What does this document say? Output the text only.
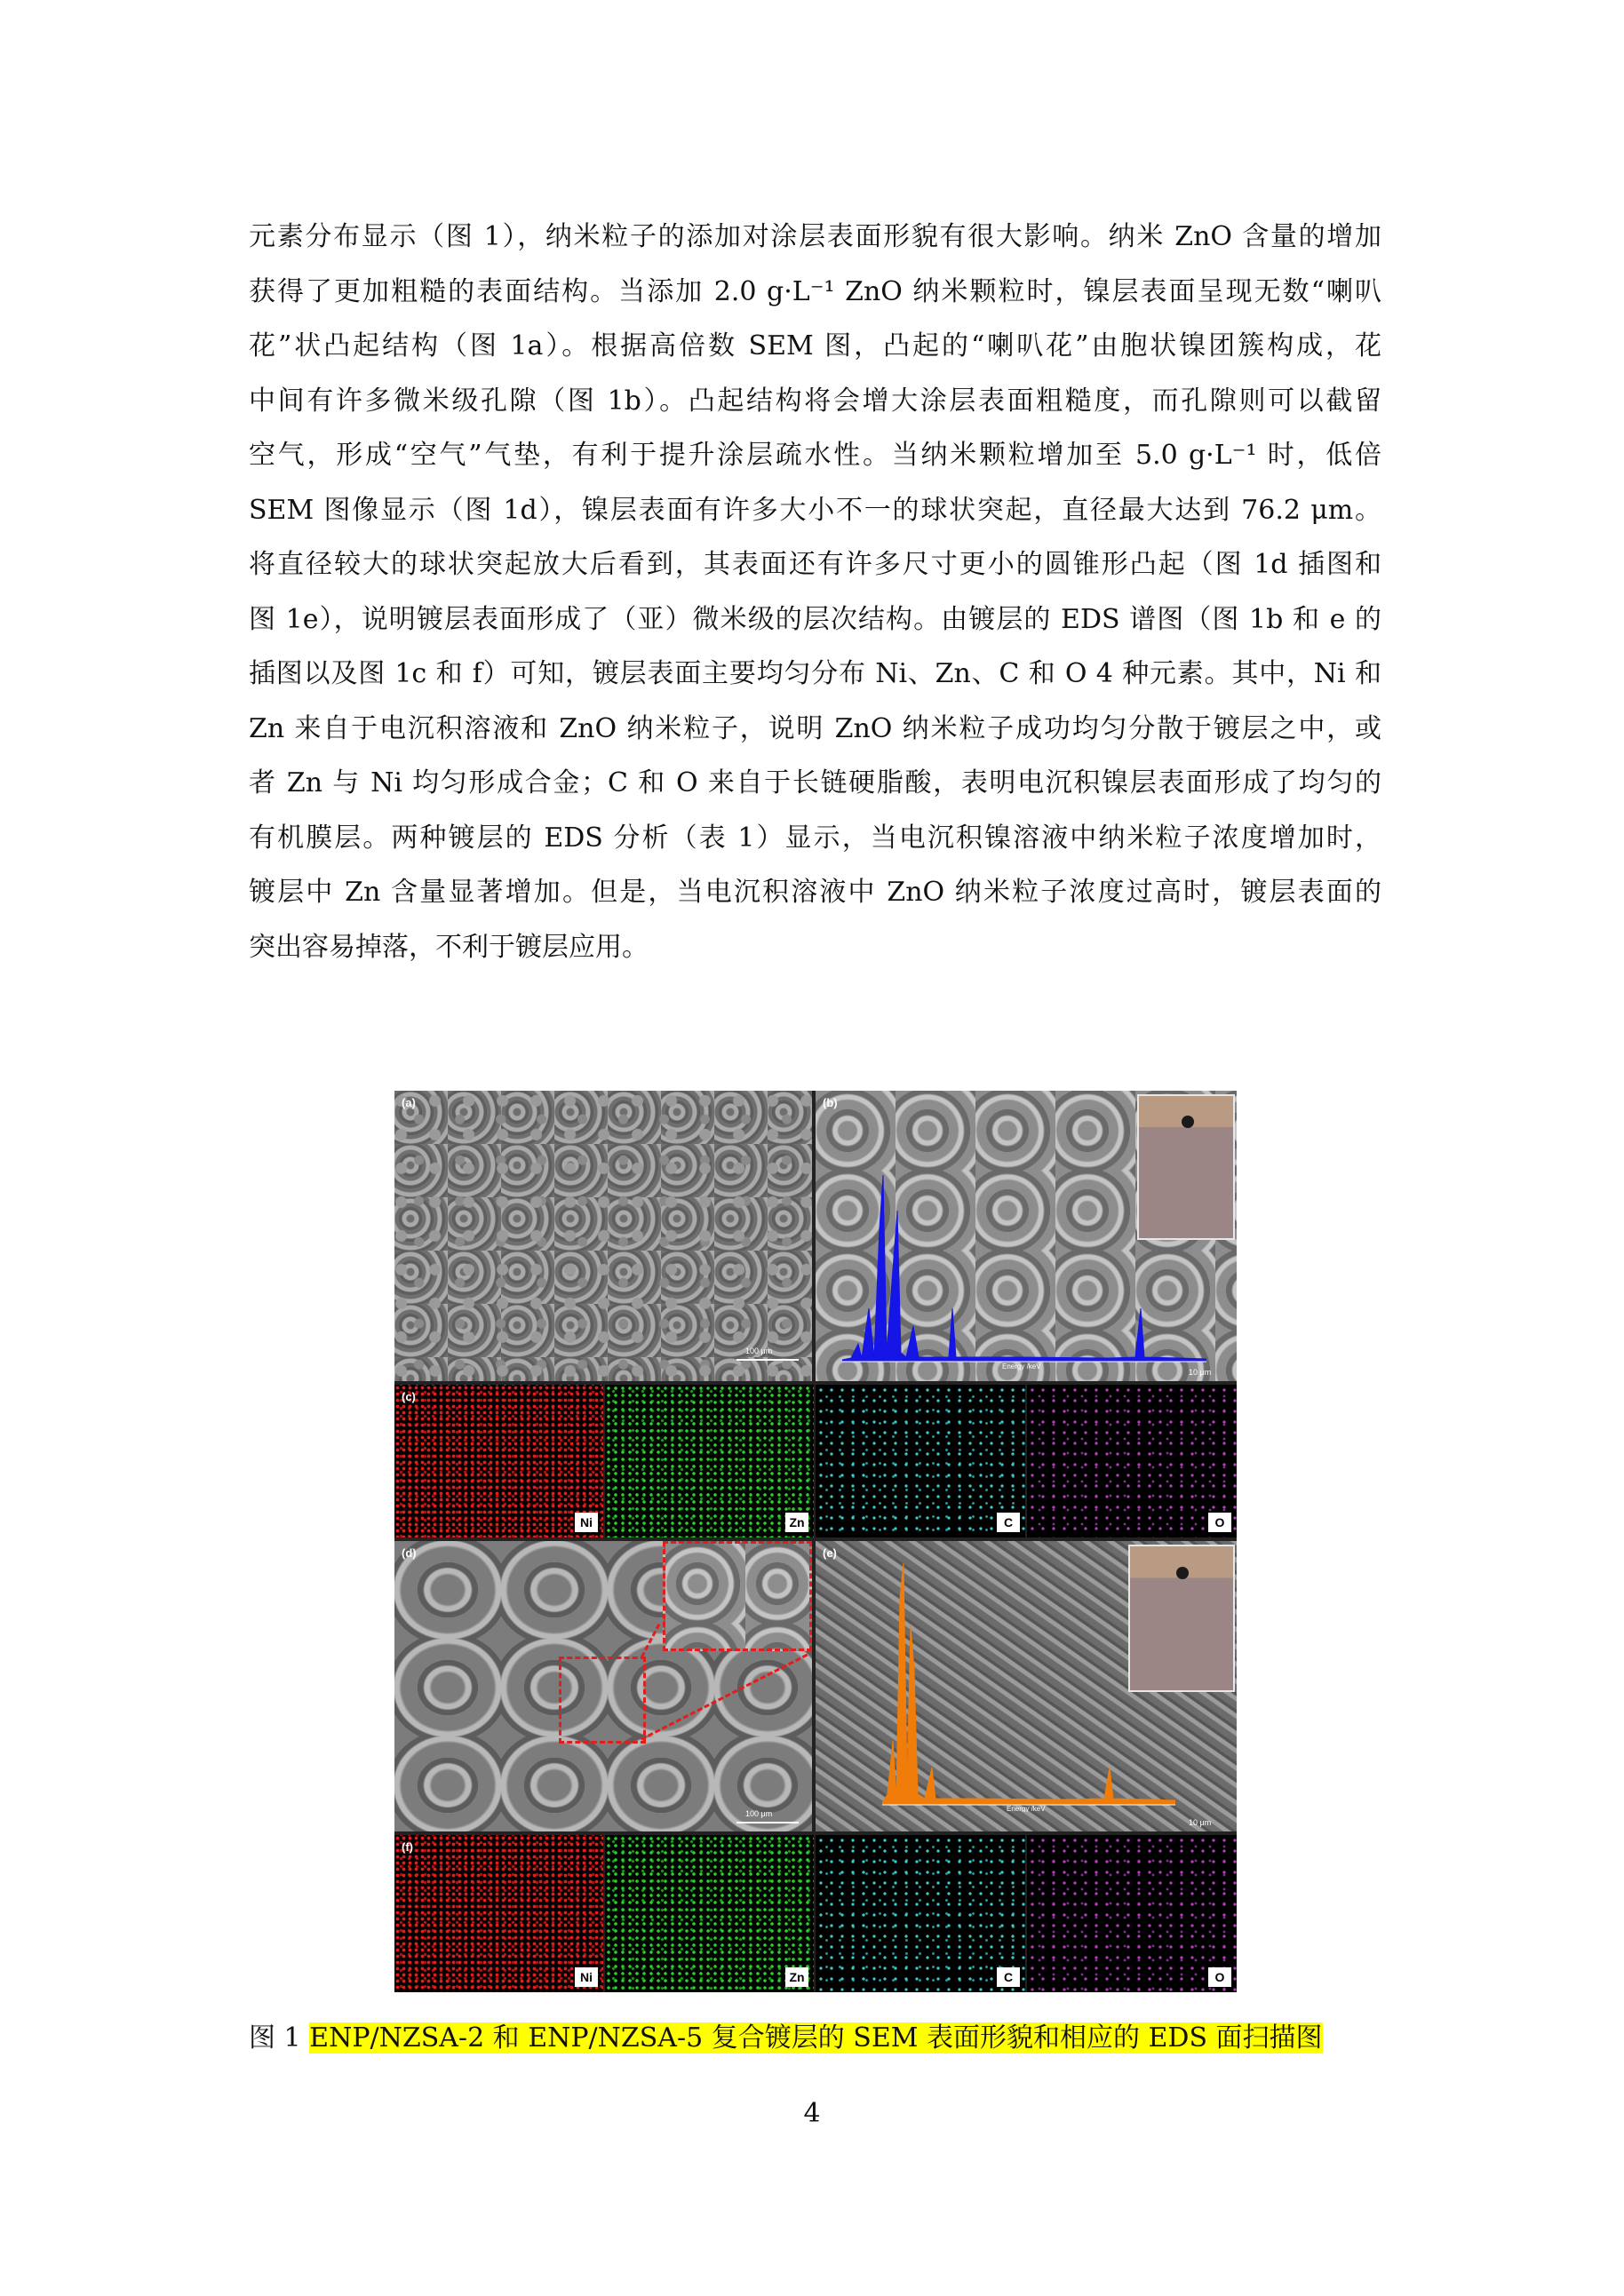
元素分布显示（图 1），纳米粒子的添加对涂层表面形貌有很大影响。纳米 ZnO 含量的增加
获得了更加粗糙的表面结构。当添加 2.0 g·L⁻¹ ZnO 纳米颗粒时，镍层表面呈现无数“喇叭
花”状凸起结构（图 1a）。根据高倍数 SEM 图，凸起的“喇叭花”由胞状镍团簇构成，花
中间有许多微米级孔隙（图 1b）。凸起结构将会增大涂层表面粗糙度，而孔隙则可以截留
空气，形成“空气”气垫，有利于提升涂层疏水性。当纳米颗粒增加至 5.0 g·L⁻¹ 时，低倍
SEM 图像显示（图 1d），镍层表面有许多大小不一的球状突起，直径最大达到 76.2 μm。
将直径较大的球状突起放大后看到，其表面还有许多尺寸更小的圆锥形凸起（图 1d 插图和
图 1e），说明镀层表面形成了（亚）微米级的层次结构。由镀层的 EDS 谱图（图 1b 和 e 的
插图以及图 1c 和 f）可知，镀层表面主要均匀分布 Ni、Zn、C 和 O 4 种元素。其中，Ni 和
Zn 来自于电沉积溶液和 ZnO 纳米粒子，说明 ZnO 纳米粒子成功均匀分散于镀层之中，或
者 Zn 与 Ni 均匀形成合金；C 和 O 来自于长链硬脂酸，表明电沉积镍层表面形成了均匀的
有机膜层。两种镀层的 EDS 分析（表 1）显示，当电沉积镍溶液中纳米粒子浓度增加时，
镀层中 Zn 含量显著增加。但是，当电沉积溶液中 ZnO 纳米粒子浓度过高时，镀层表面的
突出容易掉落，不利于镀层应用。
(a)
100 μm
(b)
Energy /keV
10 μm
(c)
Ni	Zn	C	O
(d)
100 μm
(e)
Energy /keV
10 μm
(f)
Ni	Zn	C	O
图 1 ENP/NZSA-2 和 ENP/NZSA-5 复合镀层的 SEM 表面形貌和相应的 EDS 面扫描图
4
